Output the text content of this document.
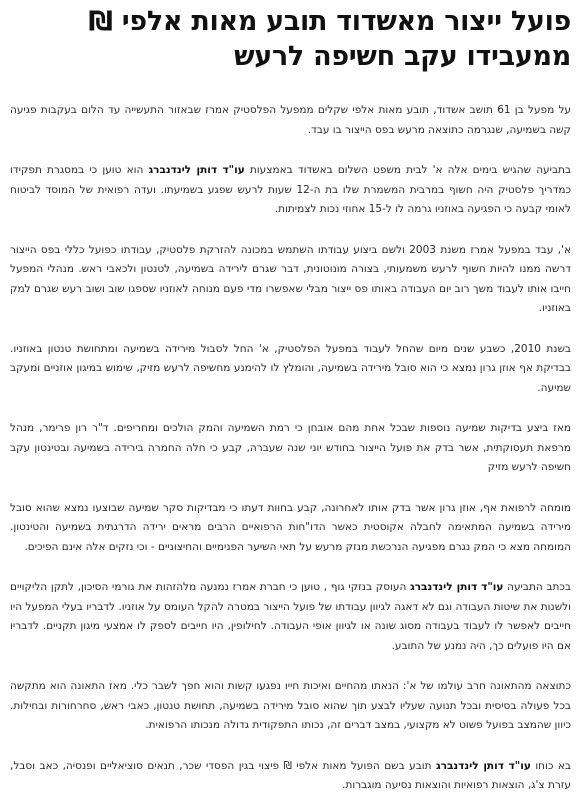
פועל ייצור מאשדוד תובע מאות אלפי ₪
ממעבידו עקב חשיפה לרעש

על מפעל בן 61 תושב אשדוד, תובע מאות אלפי שקלים ממפעל הפלסטיק אמרז שבאזור התעשייה עד הלום בעקבות פגיעה קשה בשמיעה, שנגרמה כתוצאה מרעש בפס הייצור בו עבד.

בתביעה שהגיש בימים אלה א' לבית משפט השלום באשדוד באמצעות עו"ד דותן לינדנברג הוא טוען כי במסגרת תפקידו כמדריך פלסטיק היה חשוף במרבית המשמרת שלו בת ה-12 שעות לרעש שפגע בשמיעתו. ועדה רפואית של המוסד לביטוח לאומי קבעה כי הפגיעה באוזניו גרמה לו ל-15 אחוזי נכות לצמיתות.

א', עבד במפעל אמרז משנת 2003 ולשם ביצוע עבודתו השתמש במכונה להזרקת פלסטיק, עבודתו כפועל כללי בפס הייצור דרשה ממנו להיות חשוף לרעש משמעותי, בצורה מונוטונית, דבר שגרם לירידה בשמיעה, לטנטון ולכאבי ראש. מנהלי המפעל חייבו אותו לעבוד משך רוב יום העבודה באותו פס ייצור מבלי שאפשרו מדי פעם מנוחה לאוזניו שספגו שוב ושוב רעש שגרם למק באוזניו.

בשנת 2010, כשבע שנים מיום שהחל לעבוד במפעל הפלסטיק, א' החל לסבול מירידה בשמיעה ומתחושת טנטון באוזניו. בבדיקת אף אוזן גרון נמצא כי הוא סובל מירידה בשמיעה, והומלץ לו להימנע מחשיפה לרעש מזיק, שימוש במיגון אוזניים ומעקב שמיעה.

מאז ביצע בדיקות שמיעה נוספות שבכל אחת מהם אובחן כי רמת השמיעה והמק הולכים ומחריפים. ד"ר רון פרימר, מנהל מרפאת תעסוקתית, אשר בדק את פועל הייצור בחודש יוני שנה שעברה, קבע כי חלה החמרה בירידה בשמיעה ובטינטון עקב חשיפה לרעש מזיק

מומחה לרפואת אף, אוזן גרון אשר בדק אותו לאחרונה, קבע בחוות דעתו כי מבדיקות סקר שמיעה שבוצעו נמצא שהוא סובל מירידה בשמיעה המתאימה לחבלה אקוסטית כאשר הדו"חות הרפואיים הרבים מראים ירידה הדרגתית בשמיעה והטינטון. המומחה מצא כי המק נגרם מפגיעה הנרכשת מנזק מרעש על תאי השיער הפנימיים והחיצוניים - וכי נזקים אלה אינם הפיכים.

בכתב התביעה עו"ד דותן לינדנברג העוסק בנזקי גוף , טוען כי חברת אמרז נמנעה מלהזהות את גורמי הסיכון, לתקן הליקויים ולשנות את שיטות העבודה וגם לא דאגה לגיוון עבודתו של פועל הייצור במטרה להקל העומס על אוזניו. לדבריו בעלי המפעל היו חייבים לאפשר לו לעבוד בעבודה מסוג שונה או לגיוון אופי העבודה. לחילופין, היו חייבים לספק לו אמצעי מיגון תקניים. לדבריו אם היו פועלים כך, היה נמנע של התובע.

כתוצאה מהתאונה חרב עולמו של א': הנאתו מהחיים ואיכות חייו נפגעו קשות והוא חפך לשבר כלי. מאז התאונה הוא מתקשה בכל פעולה בסיסית ובכל תנועה שעליו לבצע תוך שהוא סובל מירידה בשמיעה, תחושת טנטון, כאבי ראש, סחרחורות ובחילות. כיוון שהמצב בפועל פשוט לא מקצועי, במצב דברים זה, נכותו התפקודית גדולה מנכותו הרפואית.

בא כוחו עו"ד דותן לינדנברג תובע בשם הפועל מאות אלפי ₪ פיצוי בגין הפסדי שכר, תנאים סוציאליים ופנסיה, כאב וסבל, עזרת צ'ג, הוצאות רפואיות והוצאות נסיעה מוגברות.
